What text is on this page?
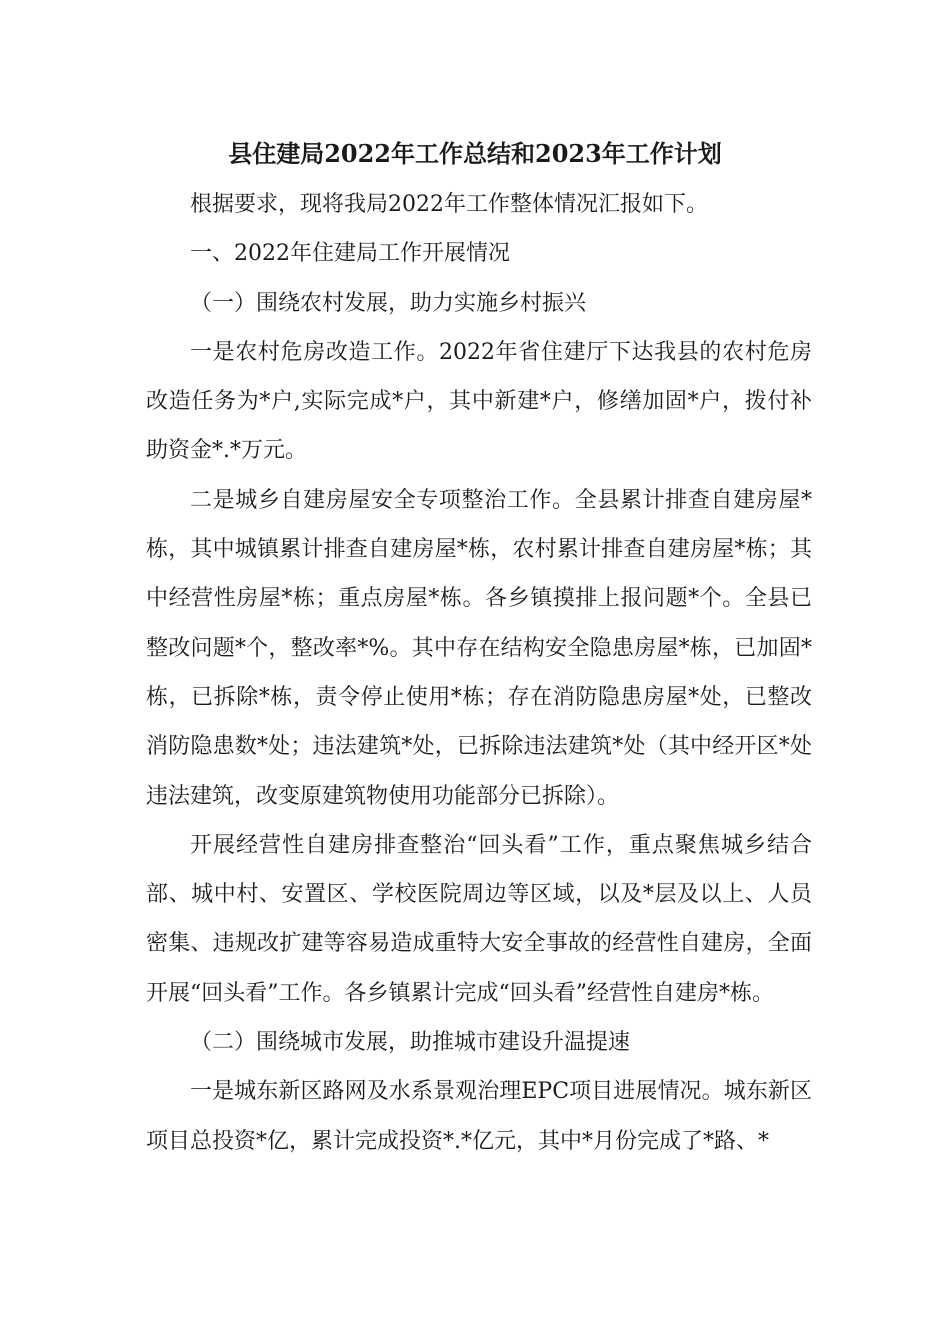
县住建局2022年工作总结和2023年工作计划

根据要求，现将我局2022年工作整体情况汇报如下。

一、2022年住建局工作开展情况

（一）围绕农村发展，助力实施乡村振兴

一是农村危房改造工作。2022年省住建厅下达我县的农村危房改造任务为*户,实际完成*户，其中新建*户，修缮加固*户，拨付补助资金*.*万元。

二是城乡自建房屋安全专项整治工作。全县累计排查自建房屋*栋，其中城镇累计排查自建房屋*栋，农村累计排查自建房屋*栋；其中经营性房屋*栋；重点房屋*栋。各乡镇摸排上报问题*个。全县已整改问题*个，整改率*%。其中存在结构安全隐患房屋*栋，已加固*栋，已拆除*栋，责令停止使用*栋；存在消防隐患房屋*处，已整改消防隐患数*处；违法建筑*处，已拆除违法建筑*处（其中经开区*处违法建筑，改变原建筑物使用功能部分已拆除）。

开展经营性自建房排查整治“回头看”工作，重点聚焦城乡结合部、城中村、安置区、学校医院周边等区域，以及*层及以上、人员密集、违规改扩建等容易造成重特大安全事故的经营性自建房，全面开展“回头看”工作。各乡镇累计完成“回头看”经营性自建房*栋。

（二）围绕城市发展，助推城市建设升温提速

一是城东新区路网及水系景观治理EPC项目进展情况。城东新区项目总投资*亿，累计完成投资*.*亿元，其中*月份完成了*路、*
